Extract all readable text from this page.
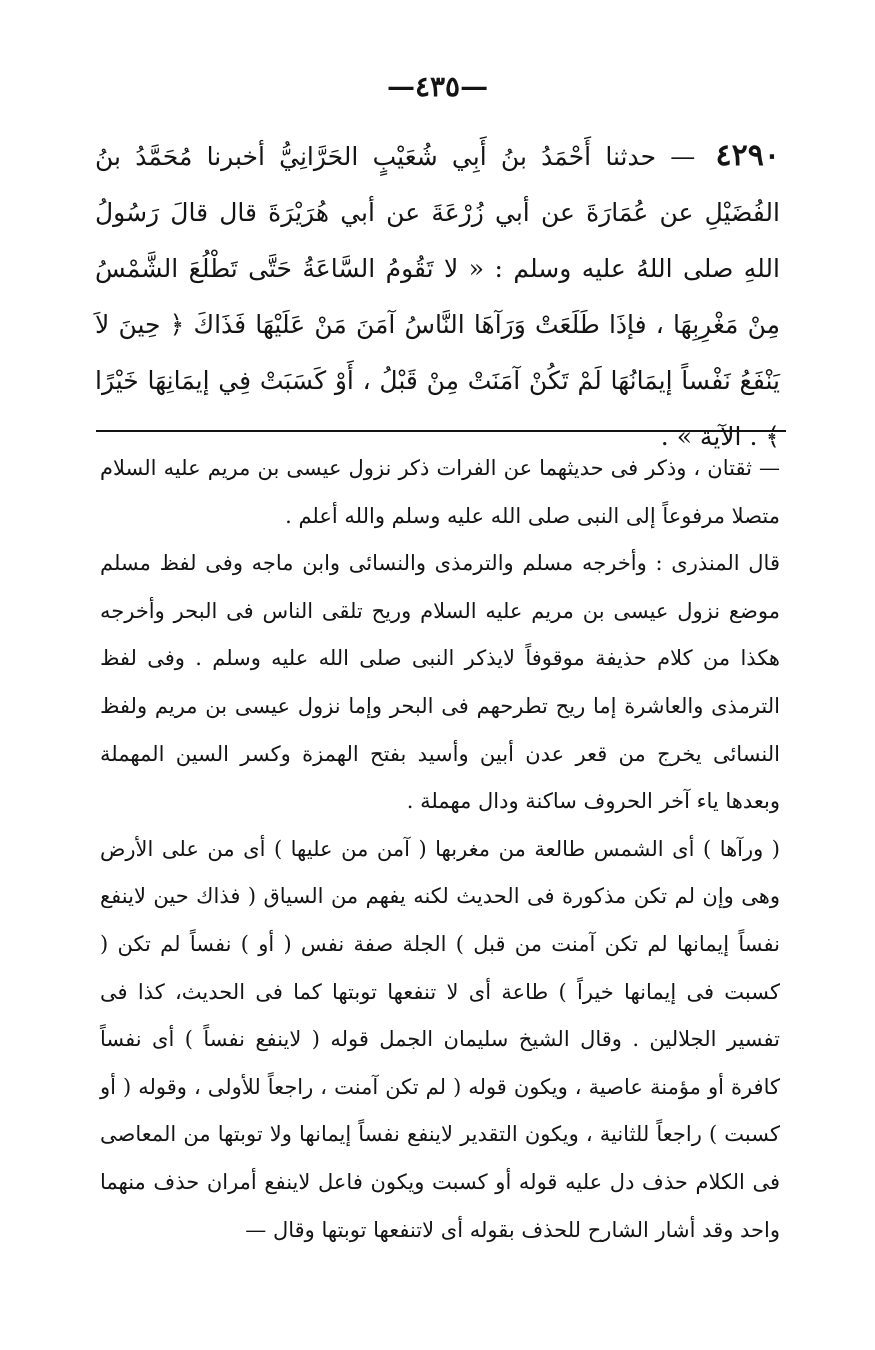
—٤٣٥—
٤٢٩٠ — حدثنا أَحْمَدُ بنُ أَبِي شُعَيْبٍ الحَرَّانِيُّ أخبرنا مُحَمَّدُ بنُ الفُضَيْلِ عن عُمَارَةَ عن أبي زُرْعَةَ عن أبي هُرَيْرَةَ قال قالَ رَسُولُ اللهِ صلى اللهُ عليه وسلم : « لا تَقُومُ السَّاعَةُ حَتَّى تَطْلُعَ الشَّمْسُ مِنْ مَغْرِبِهَا ، فإذَا طَلَعَتْ وَرَآهَا النَّاسُ آمَنَ مَنْ عَلَيْهَا فَذَاكَ ﴿ حِينَ لاَ يَنْفَعُ نَفْساً إيمَانُهَا لَمْ تَكُنْ آمَنَتْ مِنْ قَبْلُ ، أَوْ كَسَبَتْ فِي إيمَانِهَا خَيْرًا ﴾ . الآية » .

— ثقتان ، وذكر فى حديثهما عن الفرات ذكر نزول عيسى بن مريم عليه السلام متصلا مرفوعاً إلى النبى صلى الله عليه وسلم والله أعلم .

قال المنذرى : وأخرجه مسلم والترمذى والنسائى وابن ماجه وفى لفظ مسلم موضع نزول عيسى بن مريم عليه السلام وريح تلقى الناس فى البحر وأخرجه هكذا من كلام حذيفة موقوفاً لايذكر النبى صلى الله عليه وسلم . وفى لفظ الترمذى والعاشرة إما ريح تطرحهم فى البحر وإما نزول عيسى بن مريم ولفظ النسائى يخرج من قعر عدن أبين وأسيد بفتح الهمزة وكسر السين المهملة وبعدها ياء آخر الحروف ساكنة ودال مهملة .

( ورآها ) أى الشمس طالعة من مغربها ( آمن من عليها ) أى من على الأرض وهى وإن لم تكن مذكورة فى الحديث لكنه يفهم من السياق ( فذاك حين لاينفع نفساً إيمانها لم تكن آمنت من قبل ) الجلة صفة نفس ( أو ) نفساً لم تكن ( كسبت فى إيمانها خيراً ) طاعة أى لا تنفعها توبتها كما فى الحديث، كذا فى تفسير الجلالين . وقال الشيخ سليمان الجمل قوله ( لاينفع نفساً ) أى نفساً كافرة أو مؤمنة عاصية ، ويكون قوله ( لم تكن آمنت ، راجعاً للأولى ، وقوله ( أو كسبت ) راجعاً للثانية ، ويكون التقدير لاينفع نفساً إيمانها ولا توبتها من المعاصى فى الكلام حذف دل عليه قوله أو كسبت ويكون فاعل لاينفع أمران حذف منهما واحد وقد أشار الشارح للحذف بقوله أى لاتنفعها توبتها وقال —
